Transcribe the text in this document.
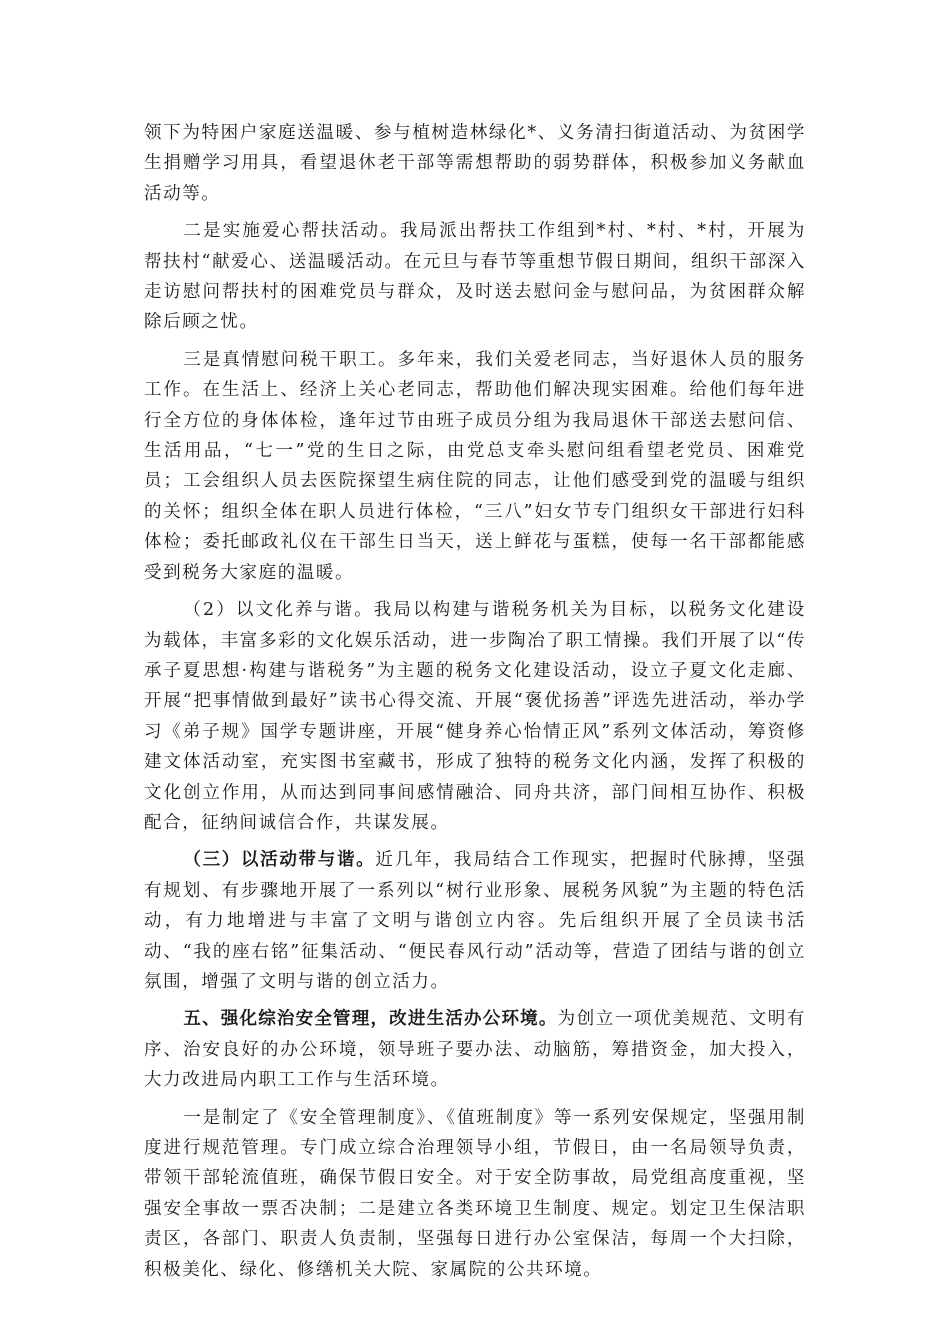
领下为特困户家庭送温暖、参与植树造林绿化*、义务清扫街道活动、为贫困学生捐赠学习用具，看望退休老干部等需想帮助的弱势群体，积极参加义务献血活动等。

二是实施爱心帮扶活动。我局派出帮扶工作组到*村、*村、*村，开展为帮扶村“献爱心、送温暖活动。在元旦与春节等重想节假日期间，组织干部深入走访慰问帮扶村的困难党员与群众，及时送去慰问金与慰问品，为贫困群众解除后顾之忧。

三是真情慰问税干职工。多年来，我们关爱老同志，当好退休人员的服务工作。在生活上、经济上关心老同志，帮助他们解决现实困难。给他们每年进行全方位的身体体检，逢年过节由班子成员分组为我局退休干部送去慰问信、生活用品，“七一”党的生日之际，由党总支牵头慰问组看望老党员、困难党员；工会组织人员去医院探望生病住院的同志，让他们感受到党的温暖与组织的关怀；组织全体在职人员进行体检，“三八”妇女节专门组织女干部进行妇科体检；委托邮政礼仪在干部生日当天，送上鲜花与蛋糕，使每一名干部都能感受到税务大家庭的温暖。

（2）以文化养与谐。我局以构建与谐税务机关为目标，以税务文化建设为载体，丰富多彩的文化娱乐活动，进一步陶冶了职工情操。我们开展了以“传承子夏思想·构建与谐税务”为主题的税务文化建设活动，设立子夏文化走廊、开展“把事情做到最好”读书心得交流、开展“褒优扬善”评选先进活动，举办学习《弟子规》国学专题讲座，开展“健身养心怡情正风”系列文体活动，筹资修建文体活动室，充实图书室藏书，形成了独特的税务文化内涵，发挥了积极的文化创立作用，从而达到同事间感情融洽、同舟共济，部门间相互协作、积极配合，征纳间诚信合作，共谋发展。

（三）以活动带与谐。近几年，我局结合工作现实，把握时代脉搏，坚强有规划、有步骤地开展了一系列以“树行业形象、展税务风貌”为主题的特色活动，有力地增进与丰富了文明与谐创立内容。先后组织开展了全员读书活动、“我的座右铭”征集活动、“便民春风行动”活动等，营造了团结与谐的创立氛围，增强了文明与谐的创立活力。

五、强化综治安全管理，改进生活办公环境。为创立一项优美规范、文明有序、治安良好的办公环境，领导班子要办法、动脑筋，筹措资金，加大投入，大力改进局内职工工作与生活环境。

一是制定了《安全管理制度》、《值班制度》等一系列安保规定，坚强用制度进行规范管理。专门成立综合治理领导小组，节假日，由一名局领导负责，带领干部轮流值班，确保节假日安全。对于安全防事故，局党组高度重视，坚强安全事故一票否决制；二是建立各类环境卫生制度、规定。划定卫生保洁职责区，各部门、职责人负责制，坚强每日进行办公室保洁，每周一个大扫除，积极美化、绿化、修缮机关大院、家属院的公共环境。
